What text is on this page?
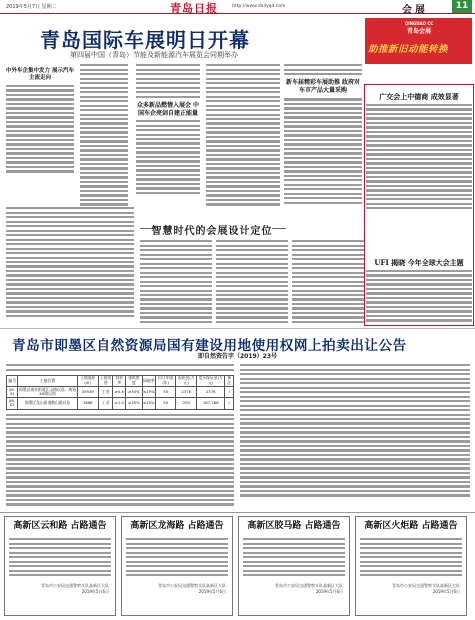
2019年5月7日 星期二	青岛日报	http://www.dailyqd.com	会展	11
青岛国际车展明日开幕
第四届中国（青岛）节能及新能源汽车展览会同期举办
QINGDAO CC
青岛会展
助推新旧动能转换
中外车企集中发力 展示汽车主流走向
众多新品燃情入展会 中国车企亮剑自建正能量
新车届精彩车展助推 政府对车市产品大量采购
广交会上中德商 成效显著
UFI 揭晓 今年全球大会主题
智慧时代的会展设计定位
青岛市即墨区自然资源局国有建设用地使用权网上拍卖出让公告
即自然资告字（2019）23号
编号	土地位置	土地面积(㎡)	土地用途	容积率	建筑密度	绿地率	出让年限(年)	起始价(万元)	竞买保证金(万元)	备注
JM-01	即墨区南泉街道江山路以西、规划XX路以南	35949	工业	≥0.8	≥30%	≤15%	50	2376	2376	/
JM-02	即墨区龙山街道鹤山路以东	1868	工业	≥1.0	≥35%	≤15%	50	209	167.786	/
高新区云和路 占路通告
青岛市公安局交通警察支队高新区大队
2019年5月6日
高新区龙海路 占路通告
青岛市公安局交通警察支队高新区大队
2019年5月6日
高新区胶马路 占路通告
青岛市公安局交通警察支队高新区大队
2019年5月6日
高新区火炬路 占路通告
青岛市公安局交通警察支队高新区大队
2019年5月6日
